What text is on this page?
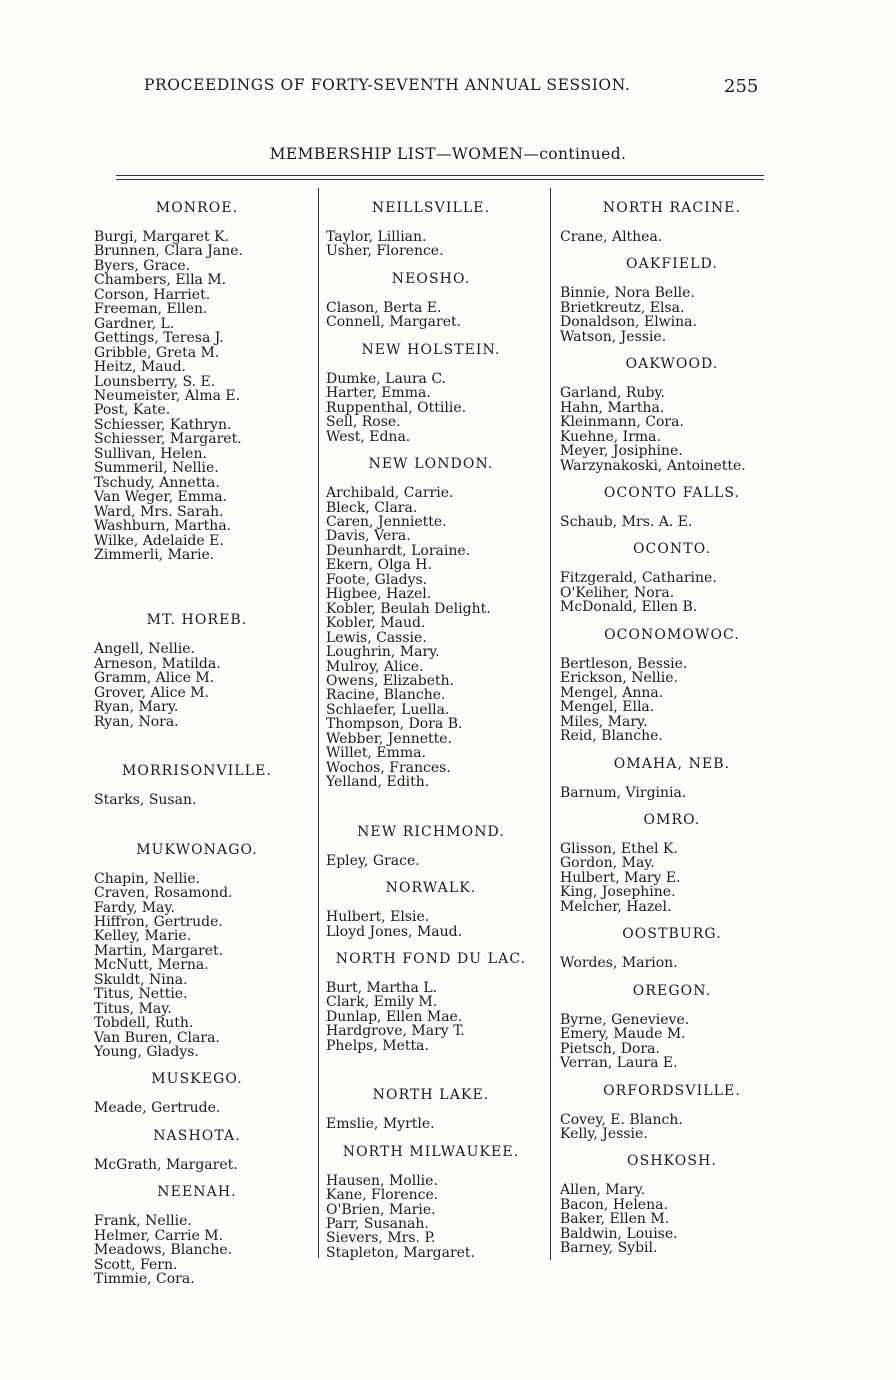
PROCEEDINGS OF FORTY-SEVENTH ANNUAL SESSION.	255
MEMBERSHIP LIST—WOMEN—continued.
MONROE.
Burgi, Margaret K.
Brunnen, Clara Jane.
Byers, Grace.
Chambers, Ella M.
Corson, Harriet.
Freeman, Ellen.
Gardner, L.
Gettings, Teresa J.
Gribble, Greta M.
Heitz, Maud.
Lounsberry, S. E.
Neumeister, Alma E.
Post, Kate.
Schiesser, Kathryn.
Schiesser, Margaret.
Sullivan, Helen.
Summeril, Nellie.
Tschudy, Annetta.
Van Weger, Emma.
Ward, Mrs. Sarah.
Washburn, Martha.
Wilke, Adelaide E.
Zimmerli, Marie.
MT. HOREB.
Angell, Nellie.
Arneson, Matilda.
Gramm, Alice M.
Grover, Alice M.
Ryan, Mary.
Ryan, Nora.
MORRISONVILLE.
Starks, Susan.
MUKWONAGO.
Chapin, Nellie.
Craven, Rosamond.
Fardy, May.
Hiffron, Gertrude.
Kelley, Marie.
Martin, Margaret.
McNutt, Merna.
Skuldt, Nina.
Titus, Nettie.
Titus, May.
Tobdell, Ruth.
Van Buren, Clara.
Young, Gladys.
MUSKEGO.
Meade, Gertrude.
NASHOTA.
McGrath, Margaret.
NEENAH.
Frank, Nellie.
Helmer, Carrie M.
Meadows, Blanche.
Scott, Fern.
Timmie, Cora.
NEILLSVILLE.
Taylor, Lillian.
Usher, Florence.
NEOSHO.
Clason, Berta E.
Connell, Margaret.
NEW HOLSTEIN.
Dumke, Laura C.
Harter, Emma.
Ruppenthal, Ottilie.
Sell, Rose.
West, Edna.
NEW LONDON.
Archibald, Carrie.
Bleck, Clara.
Caren, Jenniette.
Davis, Vera.
Deunhardt, Loraine.
Ekern, Olga H.
Foote, Gladys.
Higbee, Hazel.
Kobler, Beulah Delight.
Kobler, Maud.
Lewis, Cassie.
Loughrin, Mary.
Mulroy, Alice.
Owens, Elizabeth.
Racine, Blanche.
Schlaefer, Luella.
Thompson, Dora B.
Webber, Jennette.
Willet, Emma.
Wochos, Frances.
Yelland, Edith.
NEW RICHMOND.
Epley, Grace.
NORWALK.
Hulbert, Elsie.
Lloyd Jones, Maud.
NORTH FOND DU LAC.
Burt, Martha L.
Clark, Emily M.
Dunlap, Ellen Mae.
Hardgrove, Mary T.
Phelps, Metta.
NORTH LAKE.
Emslie, Myrtle.
NORTH MILWAUKEE.
Hausen, Mollie.
Kane, Florence.
O'Brien, Marie.
Parr, Susanah.
Sievers, Mrs. P.
Stapleton, Margaret.
NORTH RACINE.
Crane, Althea.
OAKFIELD.
Binnie, Nora Belle.
Brietkreutz, Elsa.
Donaldson, Elwina.
Watson, Jessie.
OAKWOOD.
Garland, Ruby.
Hahn, Martha.
Kleinmann, Cora.
Kuehne, Irma.
Meyer, Josiphine.
Warzynakoski, Antoinette.
OCONTO FALLS.
Schaub, Mrs. A. E.
OCONTO.
Fitzgerald, Catharine.
O'Keliher, Nora.
McDonald, Ellen B.
OCONOMOWOC.
Bertleson, Bessie.
Erickson, Nellie.
Mengel, Anna.
Mengel, Ella.
Miles, Mary.
Reid, Blanche.
OMAHA, NEB.
Barnum, Virginia.
OMRO.
Glisson, Ethel K.
Gordon, May.
Hulbert, Mary E.
King, Josephine.
Melcher, Hazel.
OOSTBURG.
Wordes, Marion.
OREGON.
Byrne, Genevieve.
Emery, Maude M.
Pietsch, Dora.
Verran, Laura E.
ORFORDSVILLE.
Covey, E. Blanch.
Kelly, Jessie.
OSHKOSH.
Allen, Mary.
Bacon, Helena.
Baker, Ellen M.
Baldwin, Louise.
Barney, Sybil.
